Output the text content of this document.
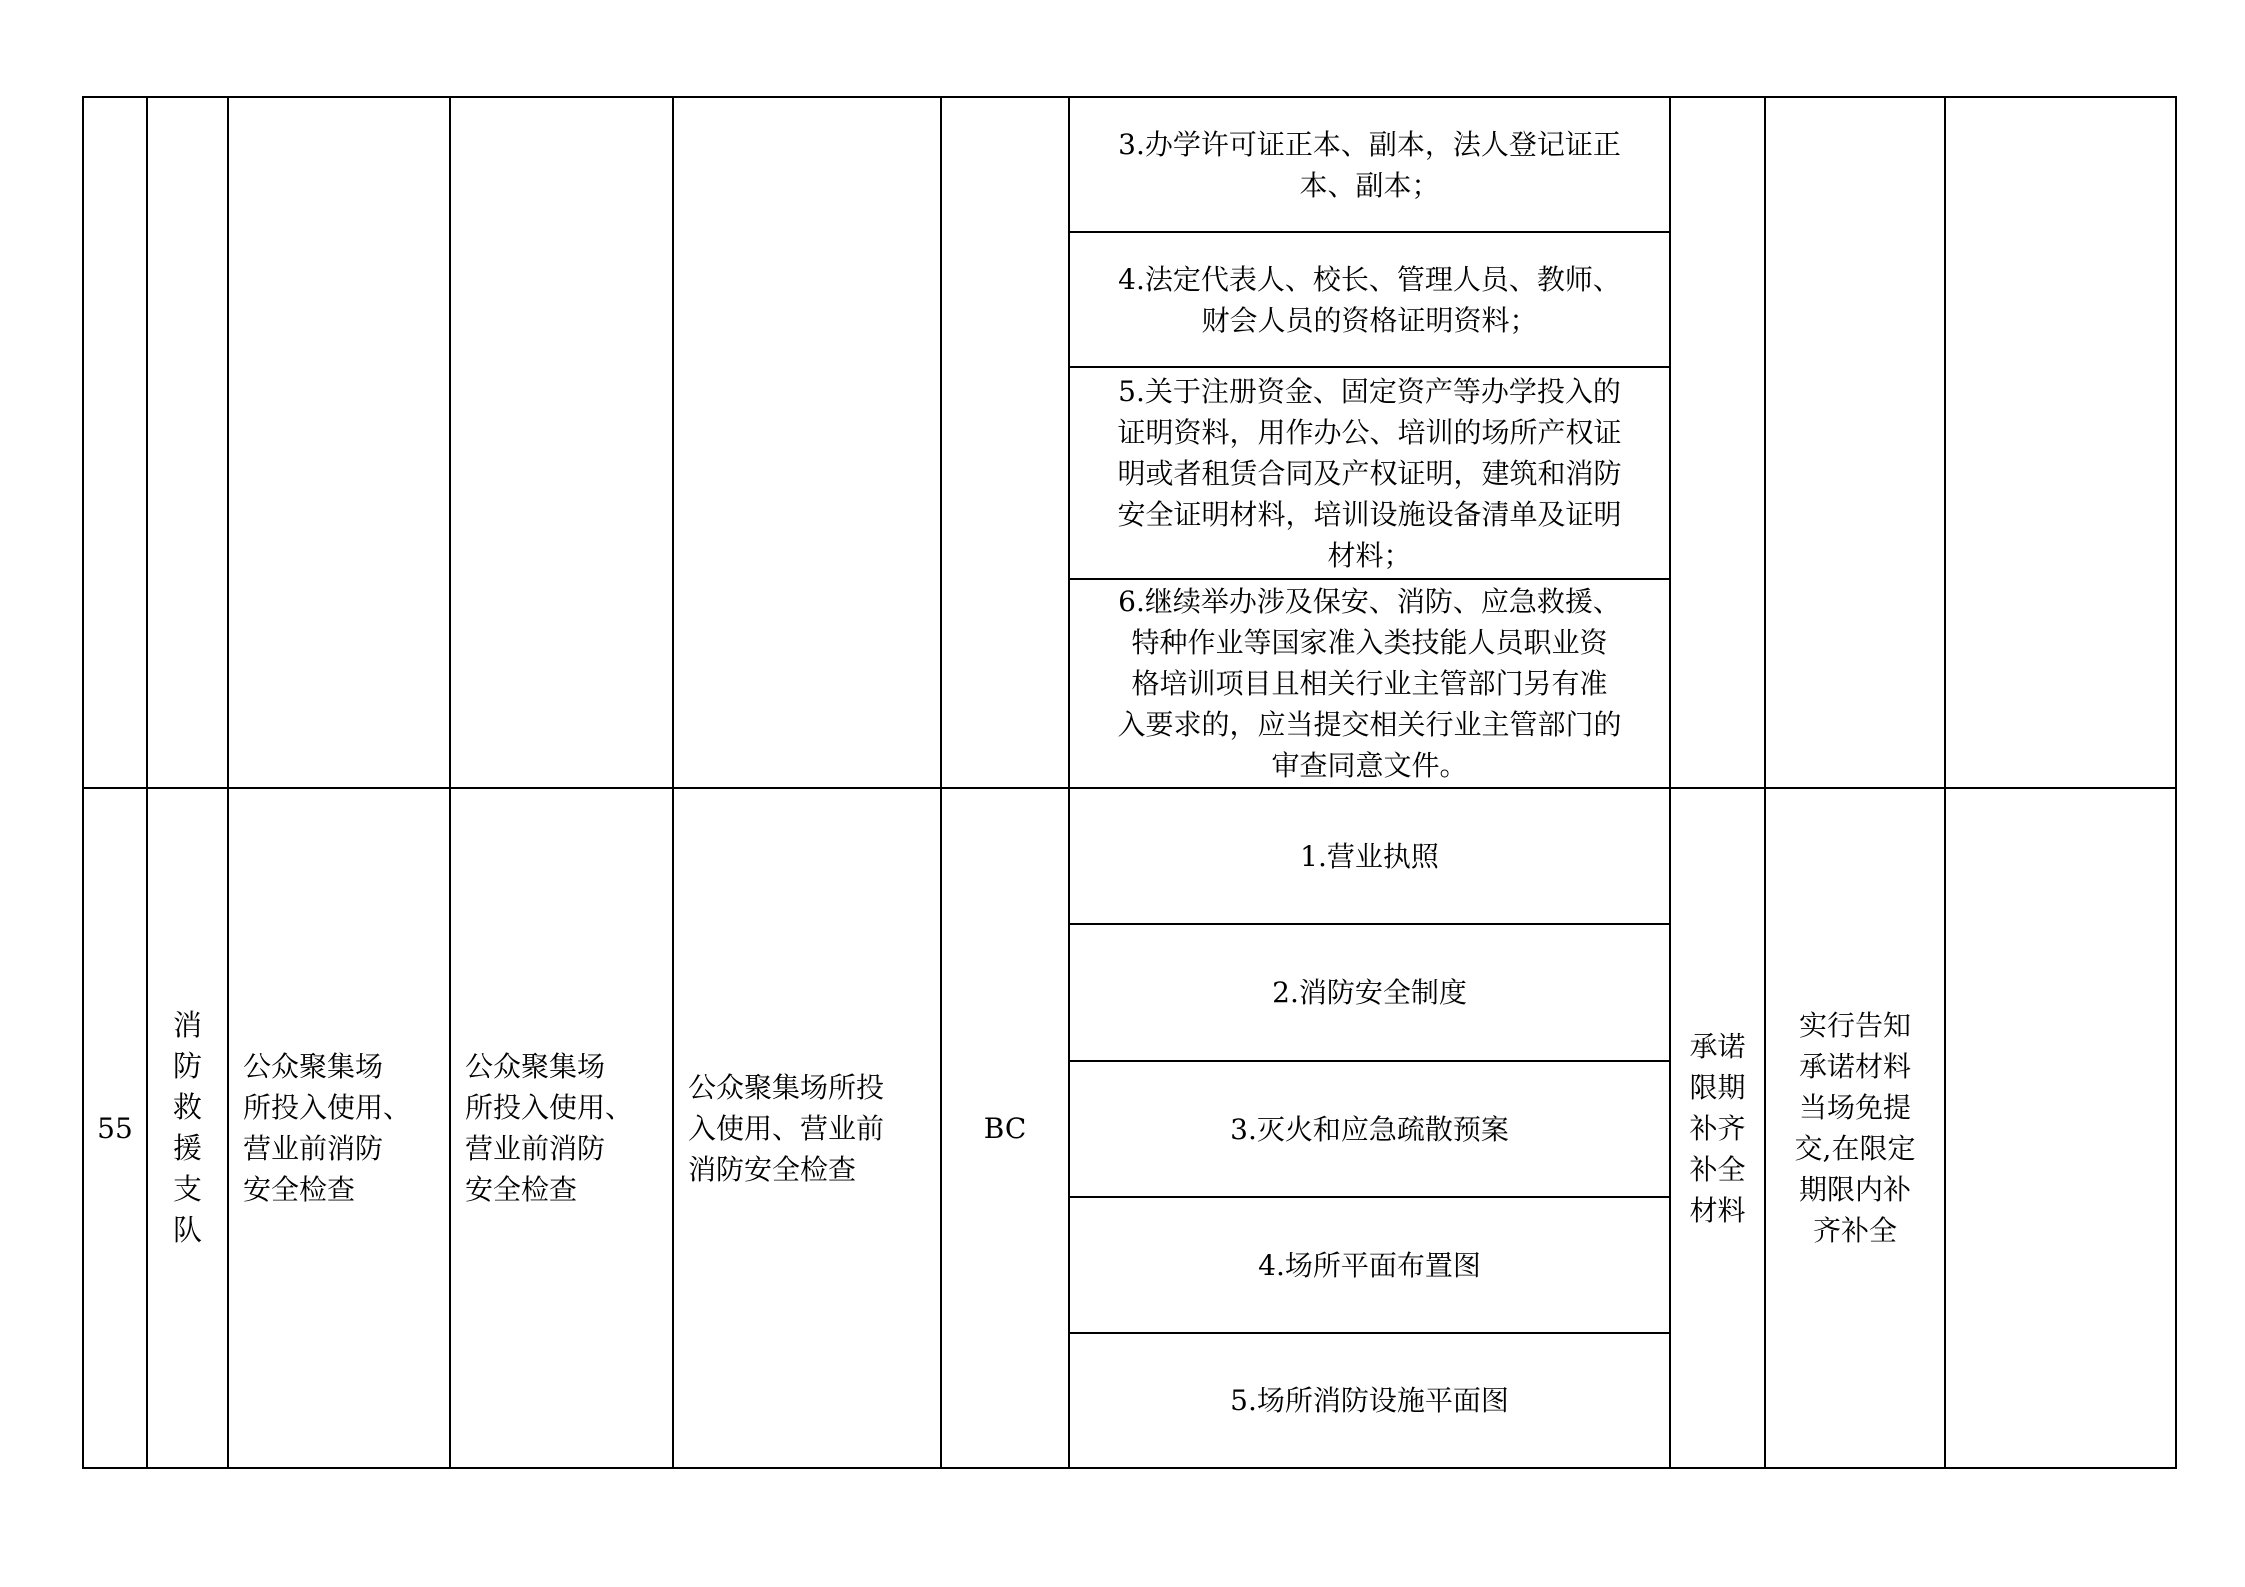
3.办学许可证正本、副本，法人登记证正
本、副本；
4.法定代表人、校长、管理人员、教师、
财会人员的资格证明资料；
5.关于注册资金、固定资产等办学投入的
证明资料，用作办公、培训的场所产权证
明或者租赁合同及产权证明，建筑和消防
安全证明材料，培训设施设备清单及证明
材料；
6.继续举办涉及保安、消防、应急救援、
特种作业等国家准入类技能人员职业资
格培训项目且相关行业主管部门另有准
入要求的，应当提交相关行业主管部门的
审查同意文件。
55
消
防
救
援
支
队
公众聚集场
所投入使用、
营业前消防
安全检查
公众聚集场
所投入使用、
营业前消防
安全检查
公众聚集场所投
入使用、营业前
消防安全检查
BC
1.营业执照
2.消防安全制度
3.灭火和应急疏散预案
4.场所平面布置图
5.场所消防设施平面图
承诺
限期
补齐
补全
材料
实行告知
承诺材料
当场免提
交,在限定
期限内补
齐补全
